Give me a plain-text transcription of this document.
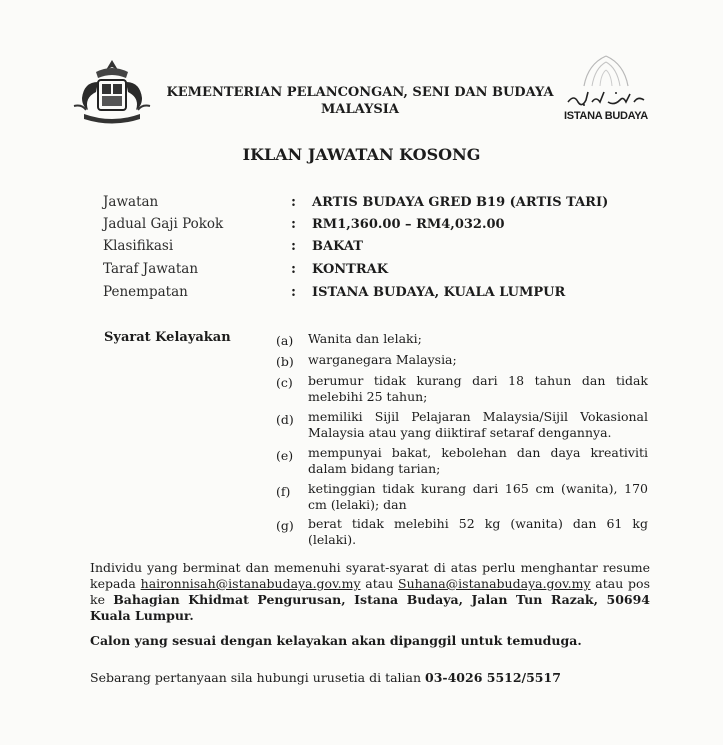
KEMENTERIAN PELANCONGAN, SENI DAN BUDAYA
MALAYSIA	ISTANA BUDAYA
IKLAN JAWATAN KOSONG
Jawatan	: ARTIS BUDAYA GRED B19 (ARTIS TARI)
Jadual Gaji Pokok	: RM1,360.00 – RM4,032.00
Klasifikasi	: BAKAT
Taraf Jawatan	: KONTRAK
Penempatan	: ISTANA BUDAYA, KUALA LUMPUR
Syarat Kelayakan	(a) Wanita dan lelaki;
(b) warganegara Malaysia;
(c) berumur tidak kurang dari 18 tahun dan tidak melebihi 25 tahun;
(d) memiliki Sijil Pelajaran Malaysia/Sijil Vokasional Malaysia atau yang diiktiraf setaraf dengannya.
(e) mempunyai bakat, kebolehan dan daya kreativiti dalam bidang tarian;
(f) ketinggian tidak kurang dari 165 cm (wanita), 170 cm (lelaki); dan
(g) berat tidak melebihi 52 kg (wanita) dan 61 kg (lelaki).
Individu yang berminat dan memenuhi syarat-syarat di atas perlu menghantar resume kepada haironnisah@istanabudaya.gov.my atau Suhana@istanabudaya.gov.my atau pos ke Bahagian Khidmat Pengurusan, Istana Budaya, Jalan Tun Razak, 50694 Kuala Lumpur.
Calon yang sesuai dengan kelayakan akan dipanggil untuk temuduga.
Sebarang pertanyaan sila hubungi urusetia di talian 03-4026 5512/5517
